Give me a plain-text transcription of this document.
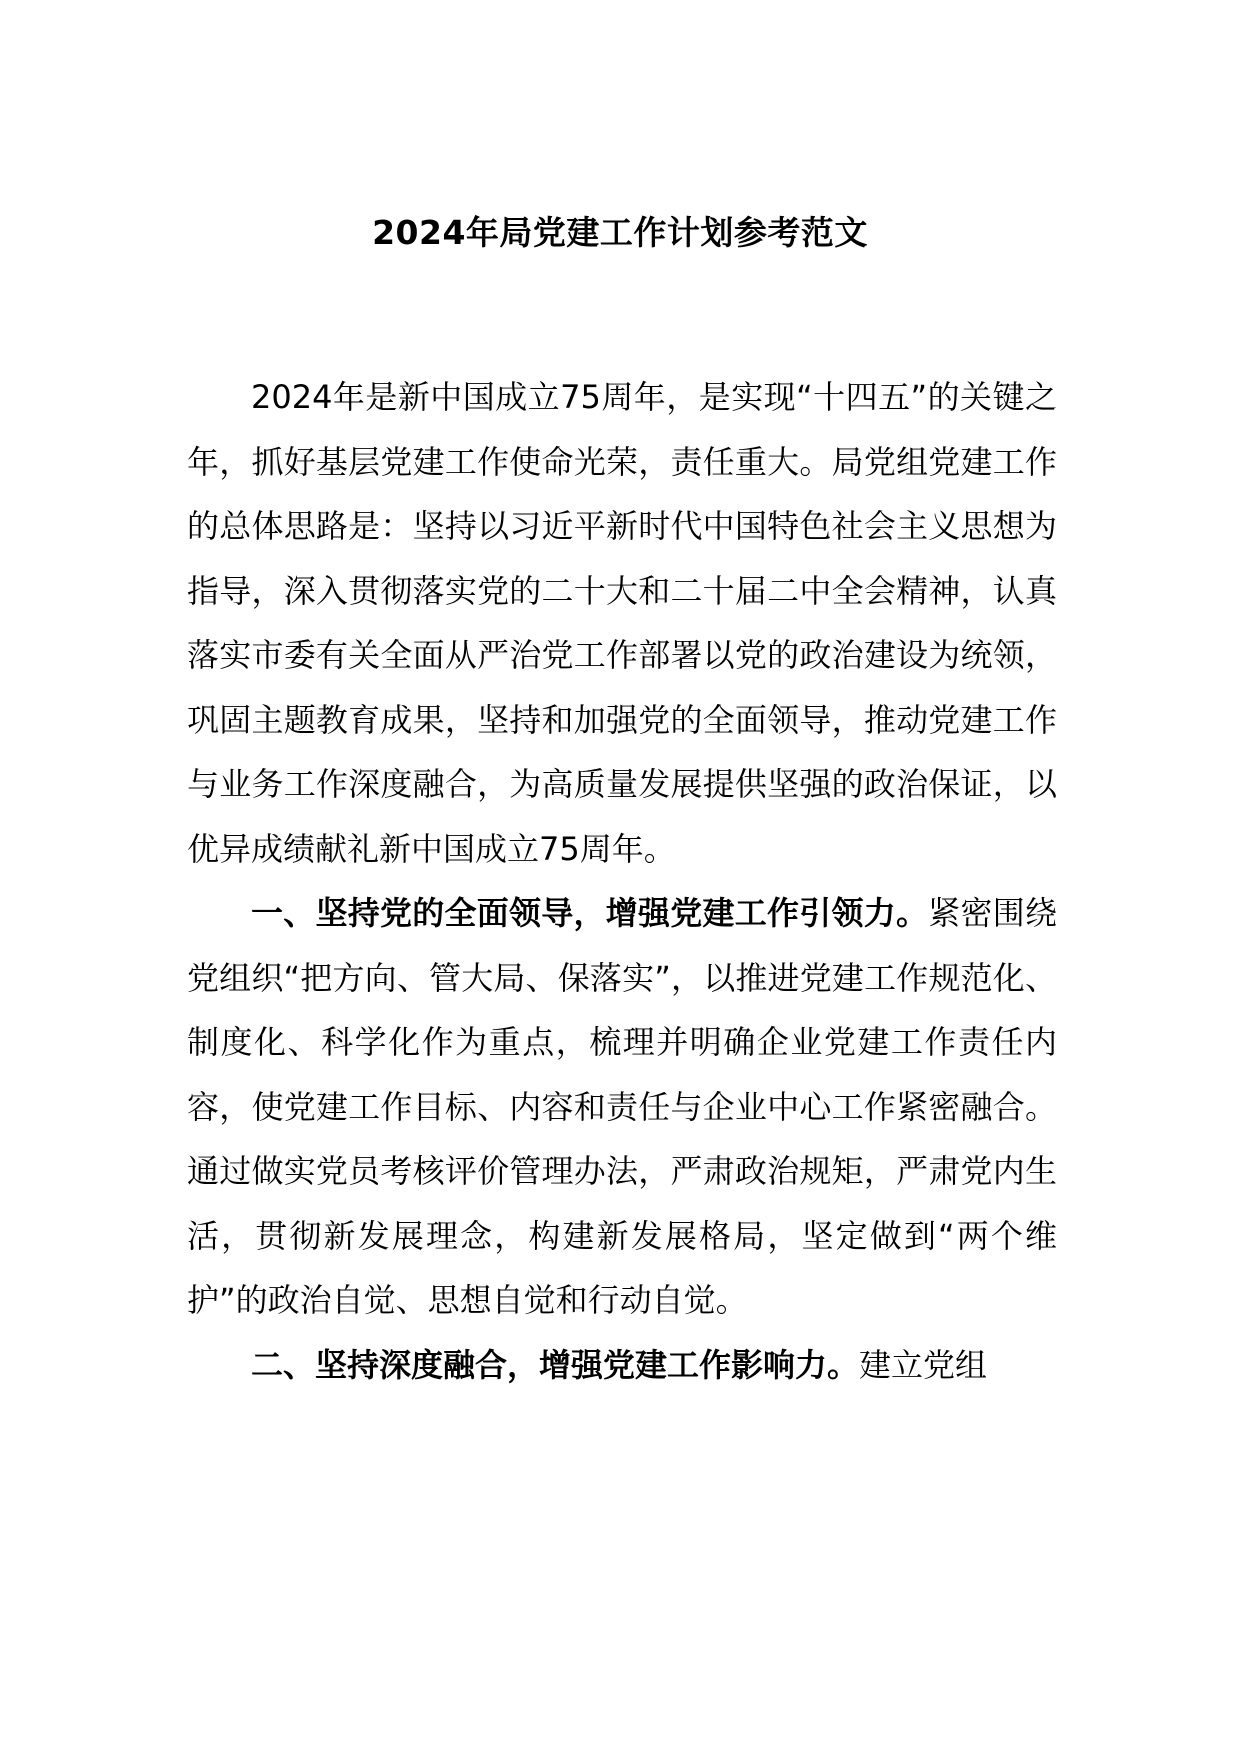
2024年局党建工作计划参考范文

2024年是新中国成立75周年，是实现“十四五”的关键之年，抓好基层党建工作使命光荣，责任重大。局党组党建工作的总体思路是：坚持以习近平新时代中国特色社会主义思想为指导，深入贯彻落实党的二十大和二十届二中全会精神，认真落实市委有关全面从严治党工作部署以党的政治建设为统领，巩固主题教育成果，坚持和加强党的全面领导，推动党建工作与业务工作深度融合，为高质量发展提供坚强的政治保证，以优异成绩献礼新中国成立75周年。

一、坚持党的全面领导，增强党建工作引领力。紧密围绕党组织“把方向、管大局、保落实”，以推进党建工作规范化、制度化、科学化作为重点，梳理并明确企业党建工作责任内容，使党建工作目标、内容和责任与企业中心工作紧密融合。通过做实党员考核评价管理办法，严肃政治规矩，严肃党内生活，贯彻新发展理念，构建新发展格局，坚定做到“两个维护”的政治自觉、思想自觉和行动自觉。

二、坚持深度融合，增强党建工作影响力。建立党组
